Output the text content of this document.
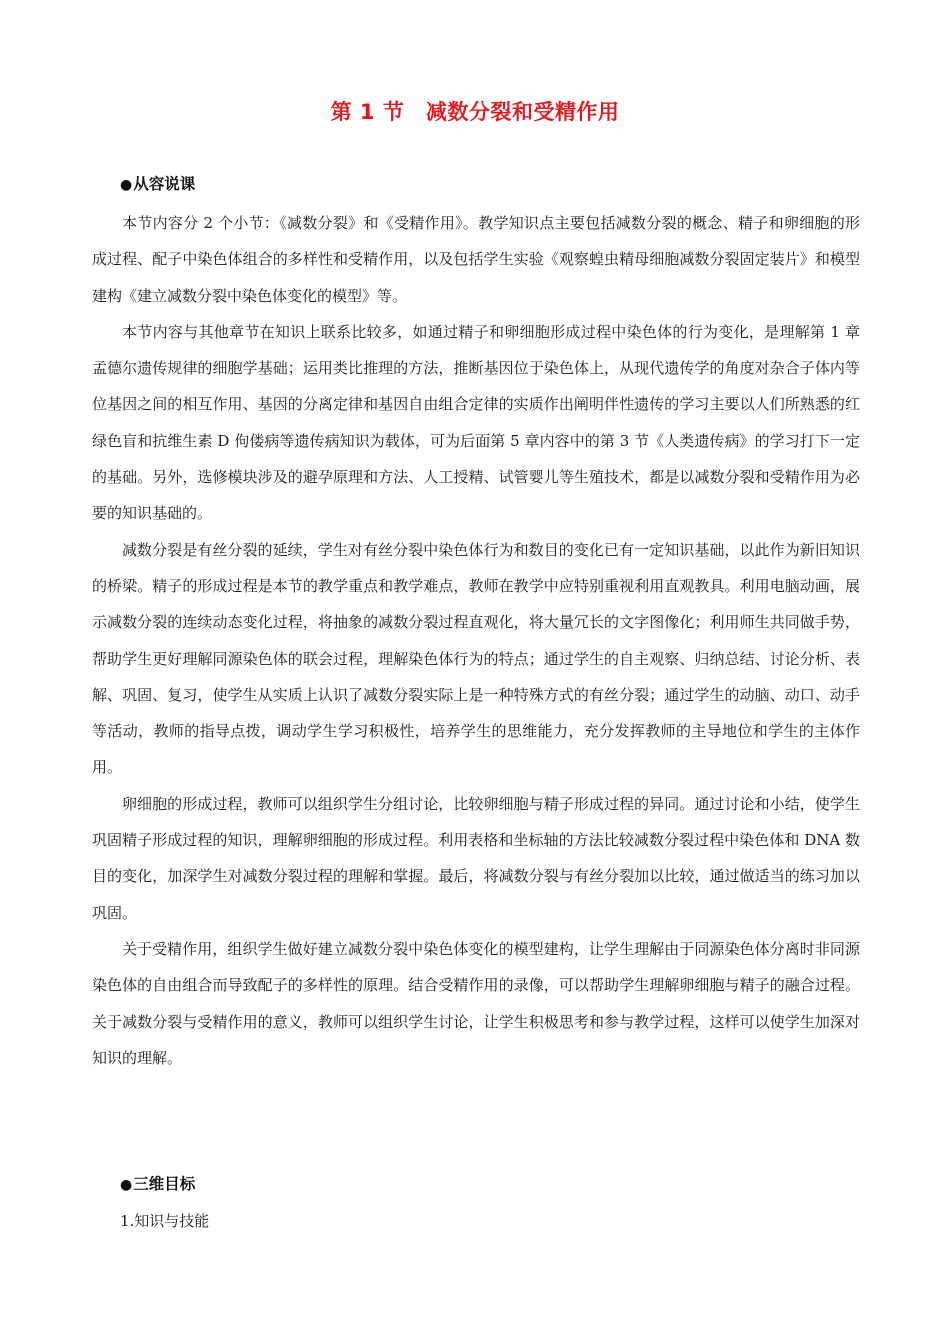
第 1 节　减数分裂和受精作用
●从容说课

本节内容分 2 个小节：《减数分裂》和《受精作用》。教学知识点主要包括减数分裂的概念、精子和卵细胞的形成过程、配子中染色体组合的多样性和受精作用，以及包括学生实验《观察蝗虫精母细胞减数分裂固定装片》和模型建构《建立减数分裂中染色体变化的模型》等。

本节内容与其他章节在知识上联系比较多，如通过精子和卵细胞形成过程中染色体的行为变化，是理解第 1 章孟德尔遗传规律的细胞学基础；运用类比推理的方法，推断基因位于染色体上，从现代遗传学的角度对杂合子体内等位基因之间的相互作用、基因的分离定律和基因自由组合定律的实质作出阐明伴性遗传的学习主要以人们所熟悉的红绿色盲和抗维生素 D 佝偻病等遗传病知识为载体，可为后面第 5 章内容中的第 3 节《人类遗传病》的学习打下一定的基础。另外，选修模块涉及的避孕原理和方法、人工授精、试管婴儿等生殖技术，都是以减数分裂和受精作用为必要的知识基础的。

减数分裂是有丝分裂的延续，学生对有丝分裂中染色体行为和数目的变化已有一定知识基础，以此作为新旧知识的桥梁。精子的形成过程是本节的教学重点和教学难点，教师在教学中应特别重视利用直观教具。利用电脑动画，展示减数分裂的连续动态变化过程，将抽象的减数分裂过程直观化，将大量冗长的文字图像化；利用师生共同做手势，帮助学生更好理解同源染色体的联会过程，理解染色体行为的特点；通过学生的自主观察、归纳总结、讨论分析、表解、巩固、复习，使学生从实质上认识了减数分裂实际上是一种特殊方式的有丝分裂；通过学生的动脑、动口、动手等活动，教师的指导点拨，调动学生学习积极性，培养学生的思维能力，充分发挥教师的主导地位和学生的主体作用。

卵细胞的形成过程，教师可以组织学生分组讨论，比较卵细胞与精子形成过程的异同。通过讨论和小结，使学生巩固精子形成过程的知识，理解卵细胞的形成过程。利用表格和坐标轴的方法比较减数分裂过程中染色体和 DNA 数目的变化，加深学生对减数分裂过程的理解和掌握。最后，将减数分裂与有丝分裂加以比较，通过做适当的练习加以巩固。

关于受精作用，组织学生做好建立减数分裂中染色体变化的模型建构，让学生理解由于同源染色体分离时非同源染色体的自由组合而导致配子的多样性的原理。结合受精作用的录像，可以帮助学生理解卵细胞与精子的融合过程。关于减数分裂与受精作用的意义，教师可以组织学生讨论，让学生积极思考和参与教学过程，这样可以使学生加深对知识的理解。

●三维目标
1.知识与技能
